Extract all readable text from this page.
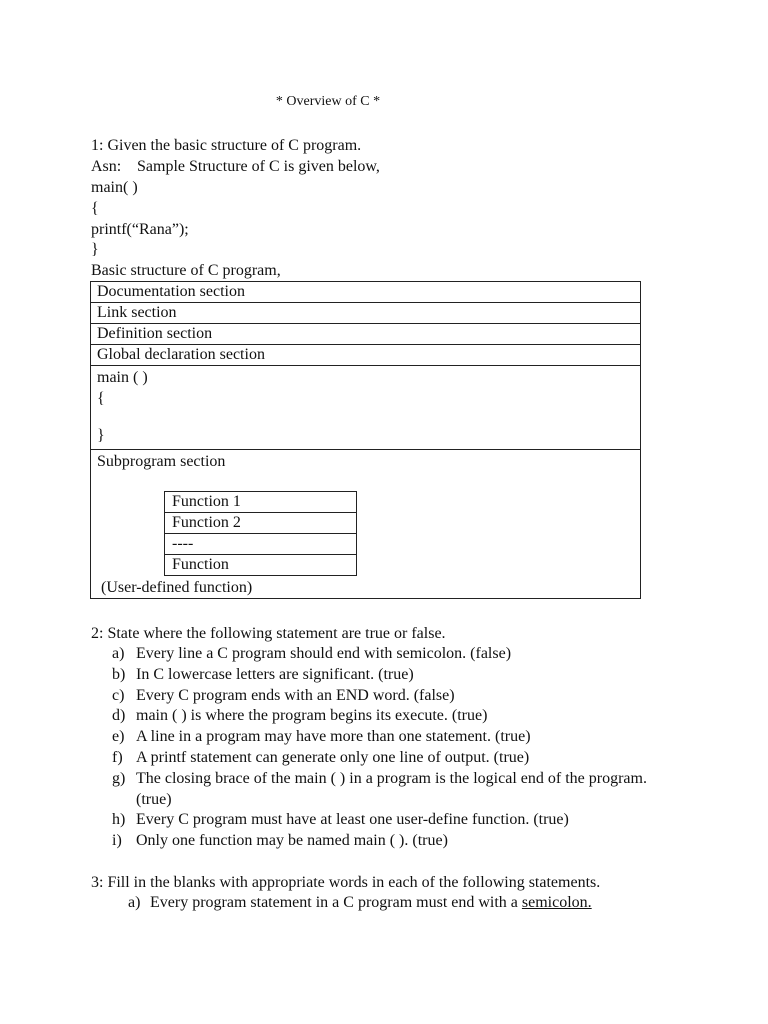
* Overview of C *
1: Given the basic structure of C program.
Asn: Sample Structure of C is given below,
main( )
{
printf(“Rana”);
}
Basic structure of C program,
Documentation section
Link section
Definition section
Global declaration section
main ( )
{
}
Subprogram section
Function 1
Function 2
----
Function
(User-defined function)
2: State where the following statement are true or false.
a) Every line a C program should end with semicolon. (false)
b) In C lowercase letters are significant. (true)
c) Every C program ends with an END word. (false)
d) main ( ) is where the program begins its execute. (true)
e) A line in a program may have more than one statement. (true)
f) A printf statement can generate only one line of output. (true)
g) The closing brace of the main ( ) in a program is the logical end of the program. (true)
h) Every C program must have at least one user-define function. (true)
i) Only one function may be named main ( ). (true)
3: Fill in the blanks with appropriate words in each of the following statements.
a) Every program statement in a C program must end with a semicolon.
